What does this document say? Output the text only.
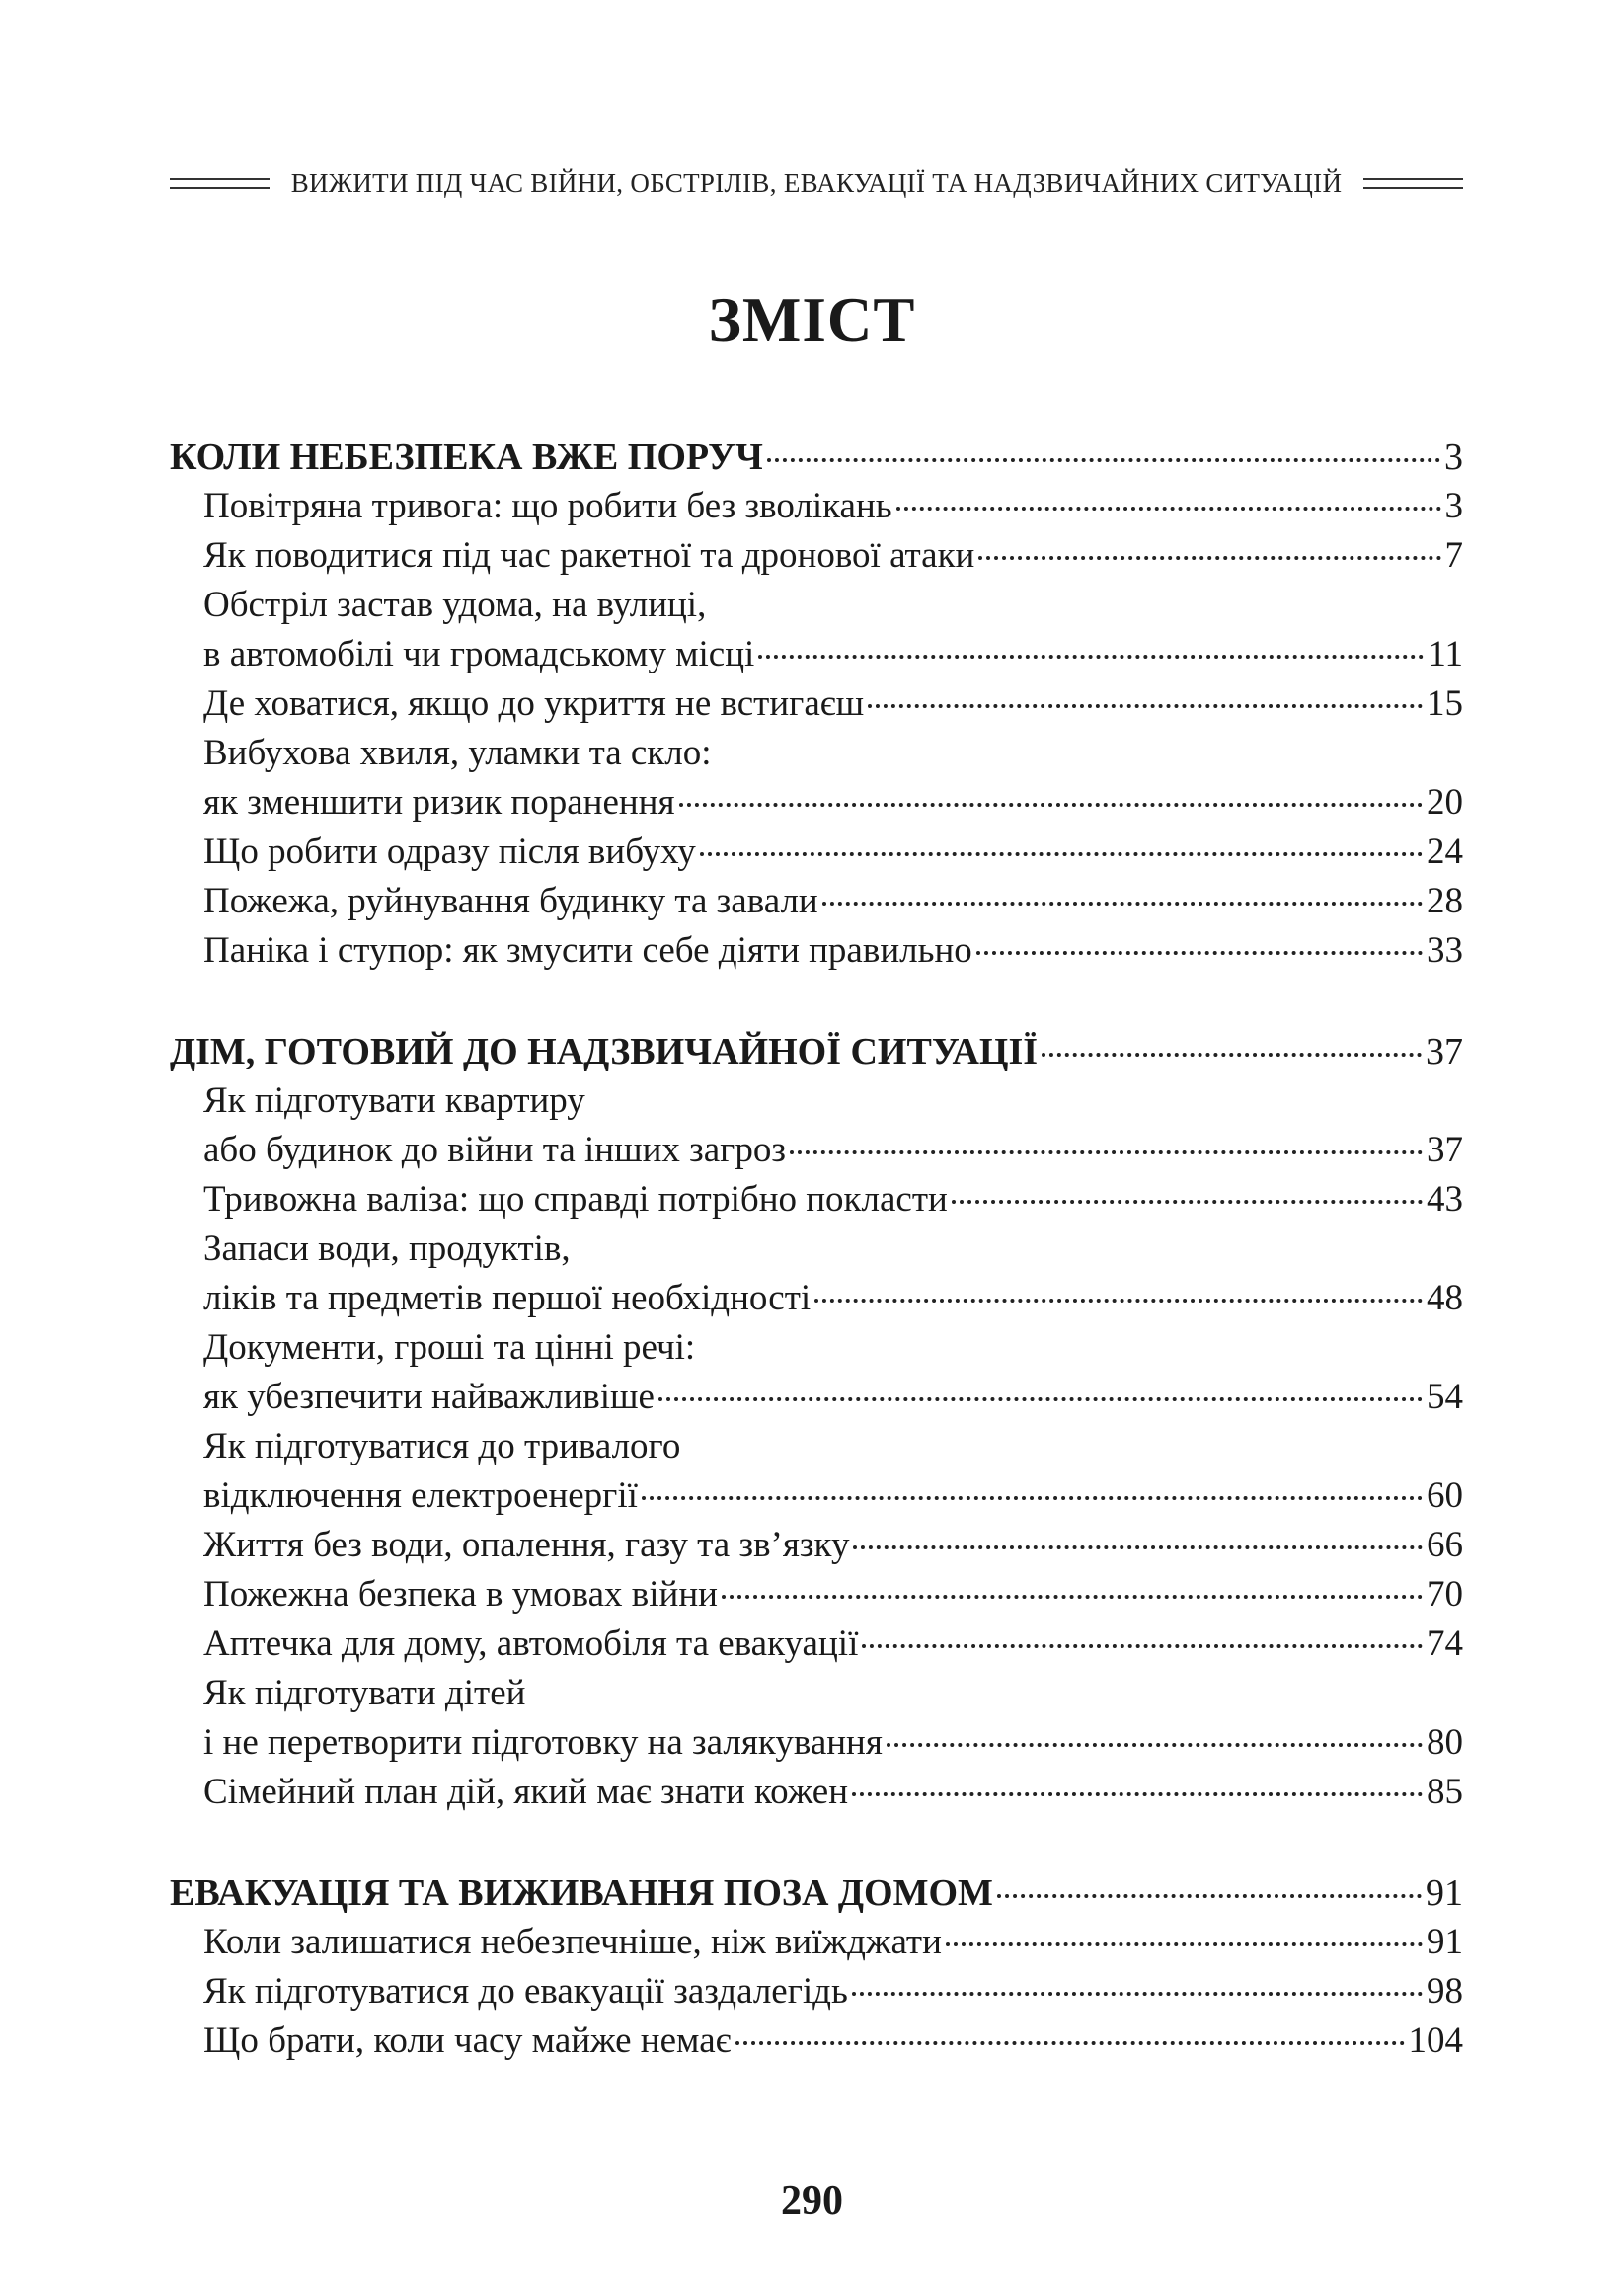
ВИЖИТИ ПІД ЧАС ВІЙНИ, ОБСТРІЛІВ, ЕВАКУАЦІЇ ТА НАДЗВИЧАЙНИХ СИТУАЦІЙ
ЗМІСТ
КОЛИ НЕБЕЗПЕКА ВЖЕ ПОРУЧ	3
Повітряна тривога: що робити без зволікань	3
Як поводитися під час ракетної та дронової атаки	7
Обстріл застав удома, на вулиці,
в автомобілі чи громадському місці	11
Де ховатися, якщо до укриття не встигаєш	15
Вибухова хвиля, уламки та скло:
як зменшити ризик поранення	20
Що робити одразу після вибуху	24
Пожежа, руйнування будинку та завали	28
Паніка і ступор: як змусити себе діяти правильно	33
ДІМ, ГОТОВИЙ ДО НАДЗВИЧАЙНОЇ СИТУАЦІЇ	37
Як підготувати квартиру
або будинок до війни та інших загроз	37
Тривожна валіза: що справді потрібно покласти	43
Запаси води, продуктів,
ліків та предметів першої необхідності	48
Документи, гроші та цінні речі:
як убезпечити найважливіше	54
Як підготуватися до тривалого
відключення електроенергії	60
Життя без води, опалення, газу та зв’язку	66
Пожежна безпека в умовах війни	70
Аптечка для дому, автомобіля та евакуації	74
Як підготувати дітей
і не перетворити підготовку на залякування	80
Сімейний план дій, який має знати кожен	85
ЕВАКУАЦІЯ ТА ВИЖИВАННЯ ПОЗА ДОМОМ	91
Коли залишатися небезпечніше, ніж виїжджати	91
Як підготуватися до евакуації заздалегідь	98
Що брати, коли часу майже немає	104
290
